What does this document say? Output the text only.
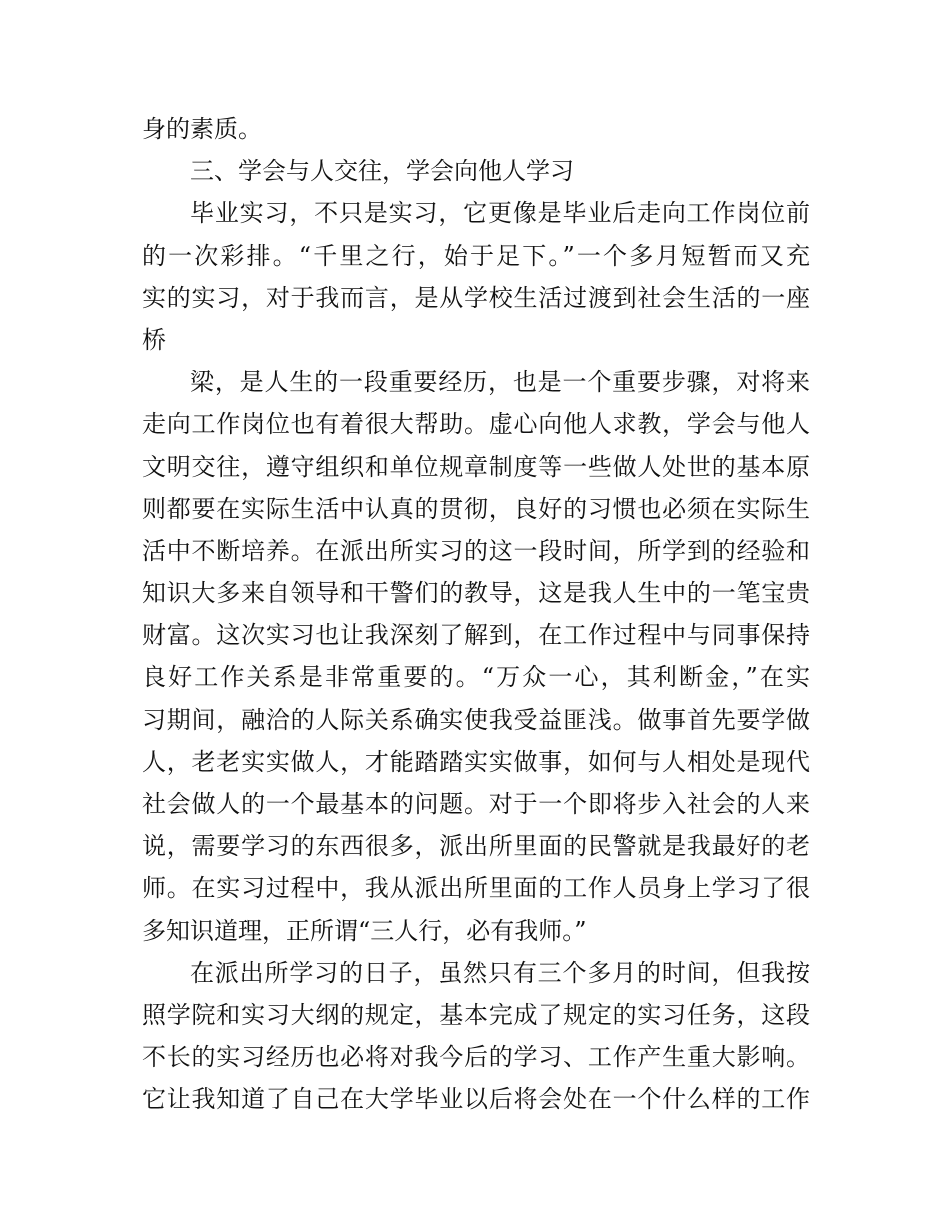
身的素质。
三、学会与人交往，学会向他人学习
毕业实习，不只是实习，它更像是毕业后走向工作岗位前
的一次彩排。“千里之行，始于足下。”一个多月短暂而又充
实的实习，对于我而言，是从学校生活过渡到社会生活的一座
桥
梁，是人生的一段重要经历，也是一个重要步骤，对将来
走向工作岗位也有着很大帮助。虚心向他人求教，学会与他人
文明交往，遵守组织和单位规章制度等一些做人处世的基本原
则都要在实际生活中认真的贯彻，良好的习惯也必须在实际生
活中不断培养。在派出所实习的这一段时间，所学到的经验和
知识大多来自领导和干警们的教导，这是我人生中的一笔宝贵
财富。这次实习也让我深刻了解到，在工作过程中与同事保持
良好工作关系是非常重要的。“万众一心，其利断金，”在实
习期间，融洽的人际关系确实使我受益匪浅。做事首先要学做
人，老老实实做人，才能踏踏实实做事，如何与人相处是现代
社会做人的一个最基本的问题。对于一个即将步入社会的人来
说，需要学习的东西很多，派出所里面的民警就是我最好的老
师。在实习过程中，我从派出所里面的工作人员身上学习了很
多知识道理，正所谓“三人行，必有我师。”
在派出所学习的日子，虽然只有三个多月的时间，但我按
照学院和实习大纲的规定，基本完成了规定的实习任务，这段
不长的实习经历也必将对我今后的学习、工作产生重大影响。
它让我知道了自己在大学毕业以后将会处在一个什么样的工作
